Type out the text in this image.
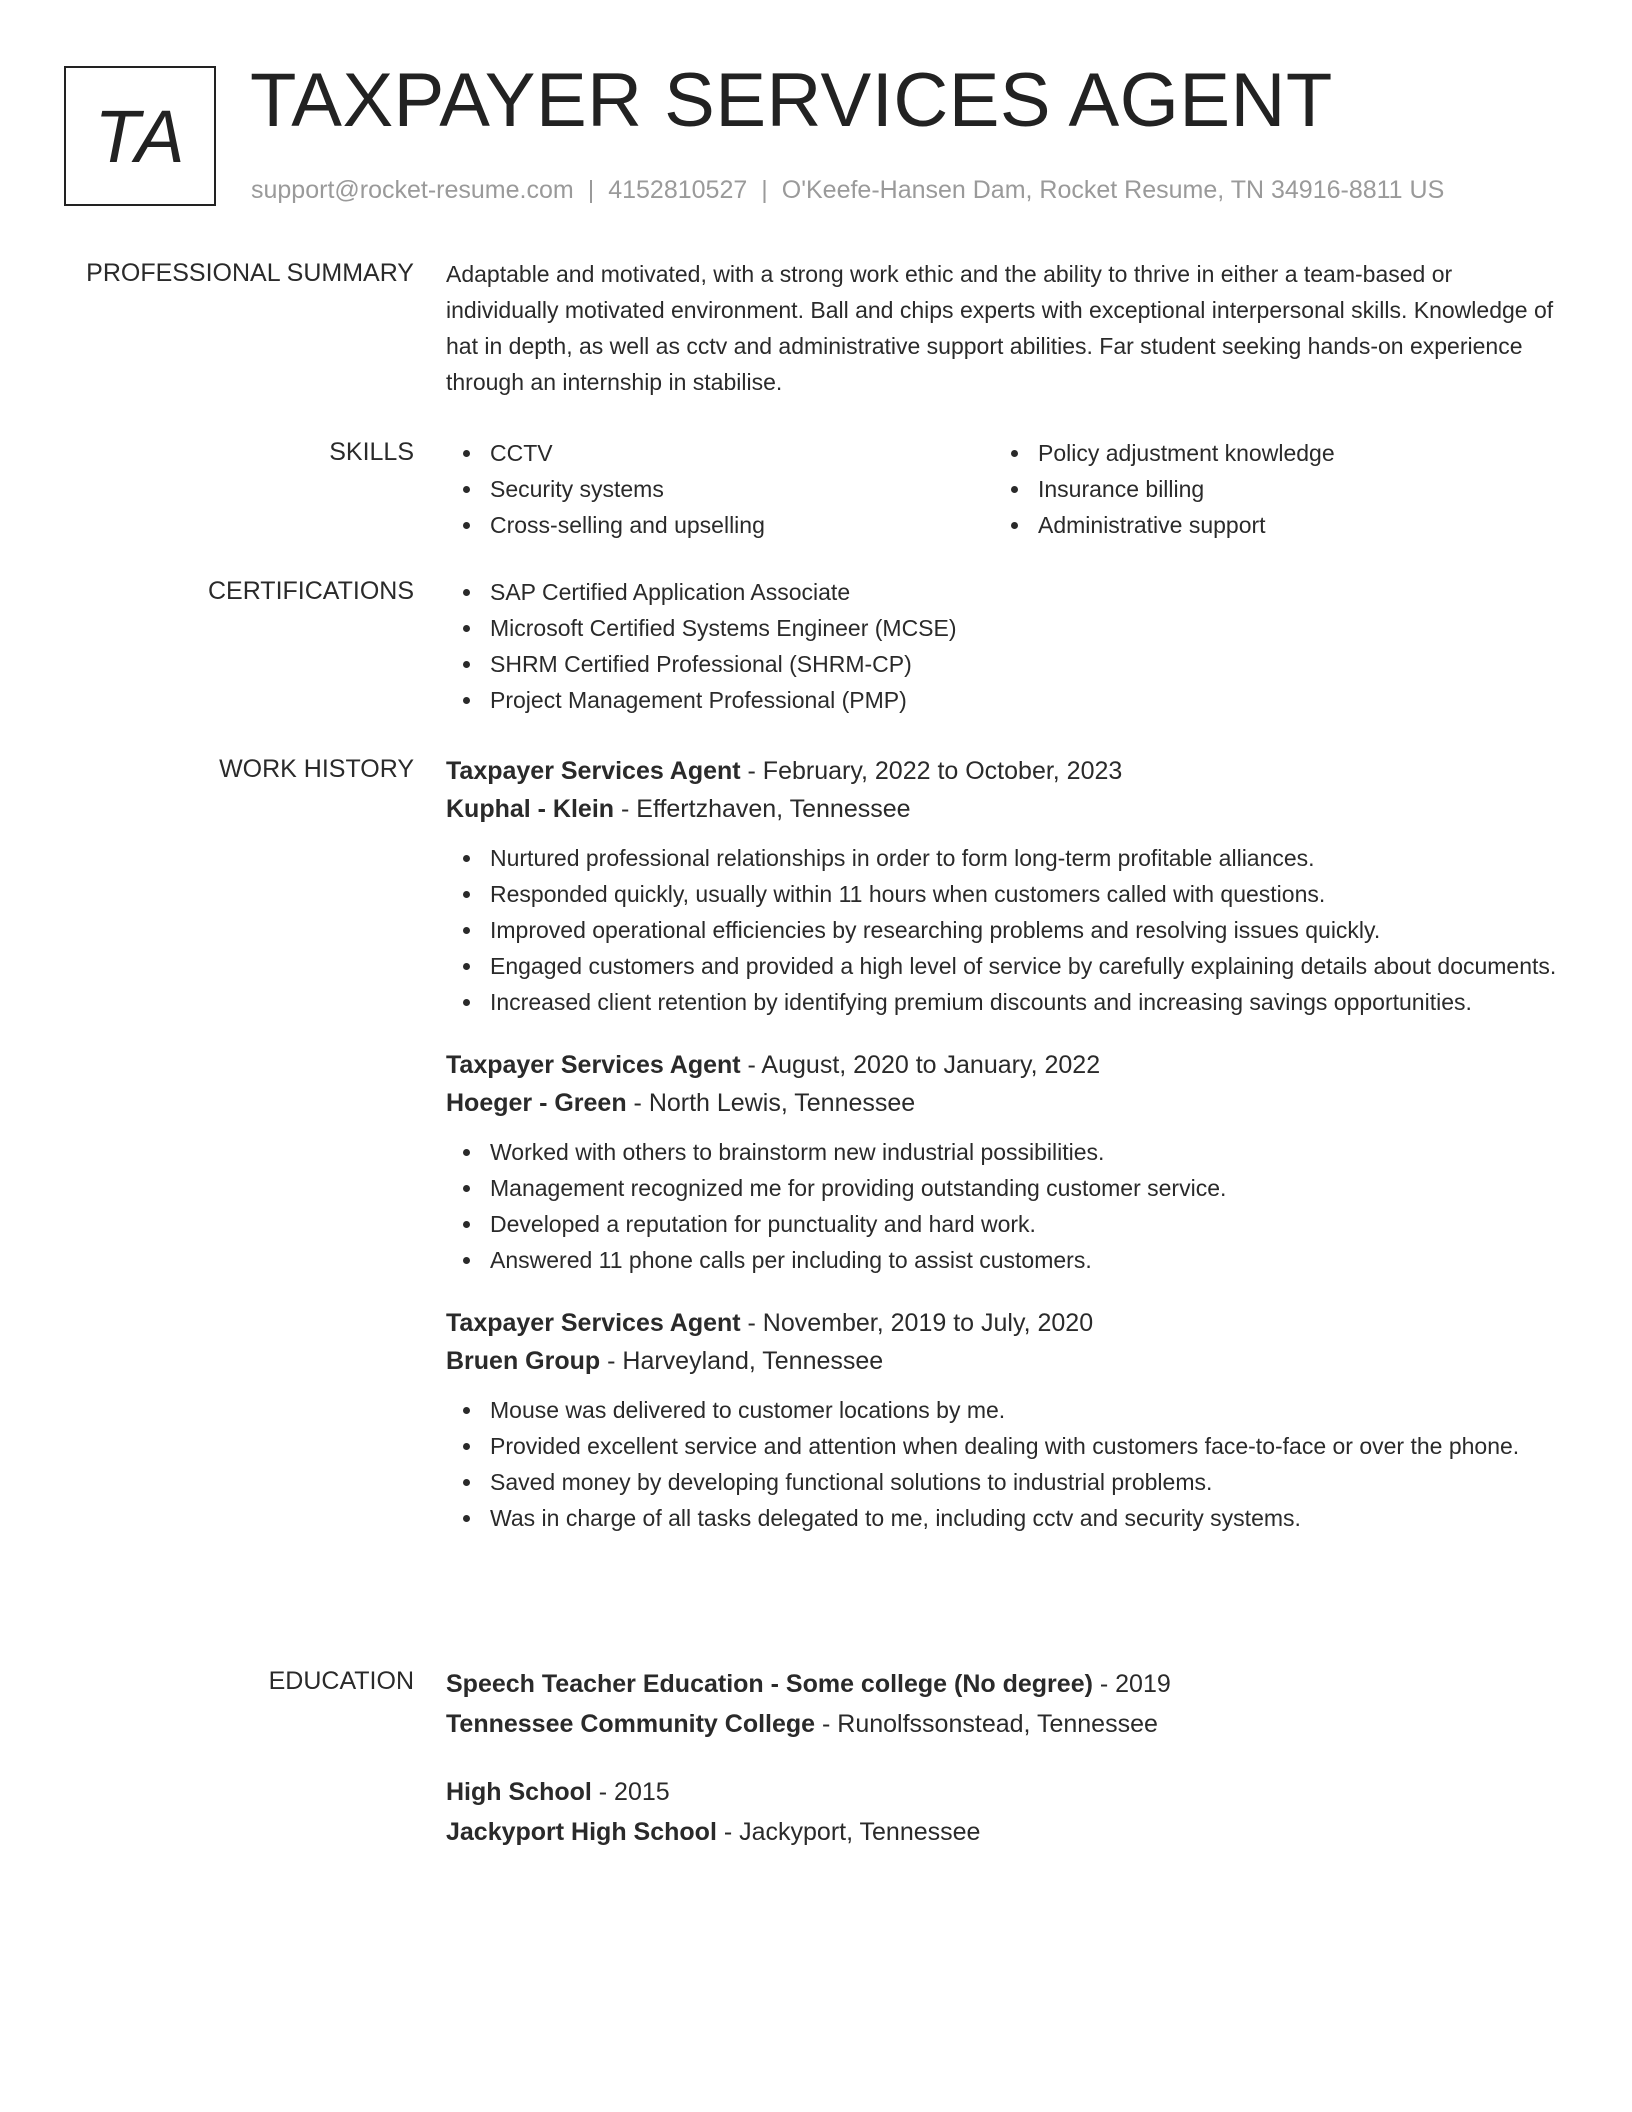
TA TAXPAYER SERVICES AGENT
support@rocket-resume.com | 4152810527 | O'Keefe-Hansen Dam, Rocket Resume, TN 34916-8811 US
PROFESSIONAL SUMMARY Adaptable and motivated, with a strong work ethic and the ability to thrive in either a team-based or individually motivated environment. Ball and chips experts with exceptional interpersonal skills. Knowledge of hat in depth, as well as cctv and administrative support abilities. Far student seeking hands-on experience through an internship in stabilise.

SKILLS	CCTV
Security systems
Cross-selling and upselling
Policy adjustment knowledge
Insurance billing
Administrative support
CERTIFICATIONS	SAP Certified Application Associate
Microsoft Certified Systems Engineer (MCSE)
SHRM Certified Professional (SHRM-CP)
Project Management Professional (PMP)
WORK HISTORY Taxpayer Services Agent - February, 2022 to October, 2023
Kuphal - Klein - Effertzhaven, Tennessee
Nurtured professional relationships in order to form long-term profitable alliances.
Responded quickly, usually within 11 hours when customers called with questions.
Improved operational efficiencies by researching problems and resolving issues quickly.
Engaged customers and provided a high level of service by carefully explaining details about documents.
Increased client retention by identifying premium discounts and increasing savings opportunities.
Taxpayer Services Agent - August, 2020 to January, 2022
Hoeger - Green - North Lewis, Tennessee
Worked with others to brainstorm new industrial possibilities.
Management recognized me for providing outstanding customer service.
Developed a reputation for punctuality and hard work.
Answered 11 phone calls per including to assist customers.
Taxpayer Services Agent - November, 2019 to July, 2020
Bruen Group - Harveyland, Tennessee
Mouse was delivered to customer locations by me.
Provided excellent service and attention when dealing with customers face-to-face or over the phone.
Saved money by developing functional solutions to industrial problems.
Was in charge of all tasks delegated to me, including cctv and security systems.
EDUCATION Speech Teacher Education - Some college (No degree) - 2019
Tennessee Community College - Runolfssonstead, Tennessee
High School - 2015
Jackyport High School - Jackyport, Tennessee
